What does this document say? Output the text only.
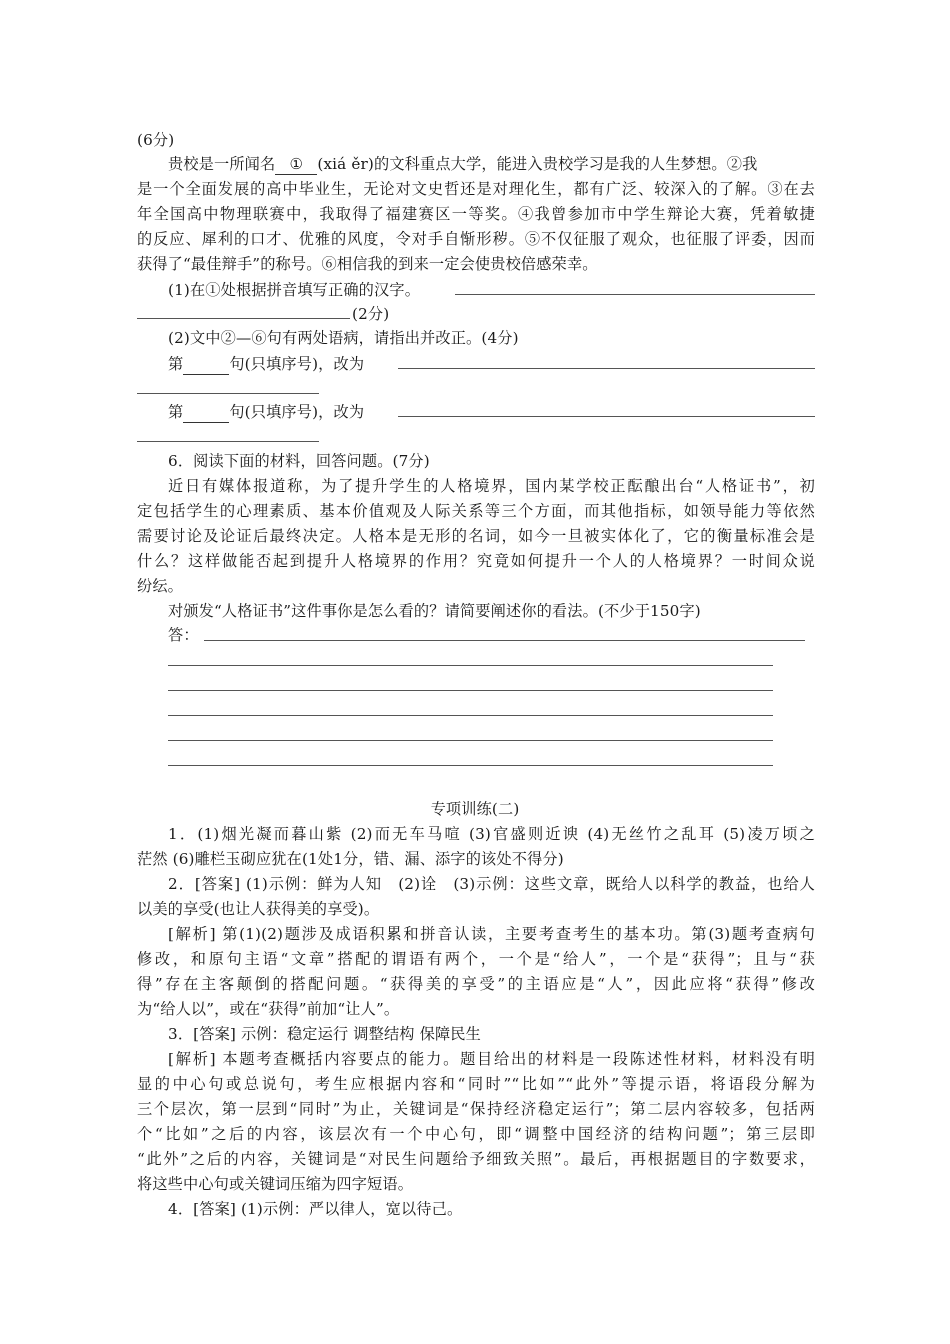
(6分)
贵校是一所闻名 ① (xiá ěr)的文科重点大学，能进入贵校学习是我的人生梦想。②我
是一个全面发展的高中毕业生，无论对文史哲还是对理化生，都有广泛、较深入的了解。③在去
年全国高中物理联赛中，我取得了福建赛区一等奖。④我曾参加市中学生辩论大赛，凭着敏捷
的反应、犀利的口才、优雅的风度，令对手自惭形秽。⑤不仅征服了观众，也征服了评委，因而
获得了“最佳辩手”的称号。⑥相信我的到来一定会使贵校倍感荣幸。
(1)在①处根据拼音填写正确的汉字。
(2分)
(2)文中②—⑥句有两处语病，请指出并改正。(4分)
第	句(只填序号)，改为
第	句(只填序号)，改为
6．阅读下面的材料，回答问题。(7分)
近日有媒体报道称，为了提升学生的人格境界，国内某学校正酝酿出台“人格证书”，初
定包括学生的心理素质、基本价值观及人际关系等三个方面，而其他指标，如领导能力等依然
需要讨论及论证后最终决定。人格本是无形的名词，如今一旦被实体化了，它的衡量标准会是
什么？这样做能否起到提升人格境界的作用？究竟如何提升一个人的人格境界？一时间众说
纷纭。
对颁发“人格证书”这件事你是怎么看的？请简要阐述你的看法。(不少于150字)
答：
专项训练(二)
1．(1)烟光凝而暮山紫 (2)而无车马喧 (3)官盛则近谀 (4)无丝竹之乱耳 (5)凌万顷之
茫然 (6)雕栏玉砌应犹在(1处1分，错、漏、添字的该处不得分)
2．[答案] (1)示例：鲜为人知　(2)诠　(3)示例：这些文章，既给人以科学的教益，也给人
以美的享受(也让人获得美的享受)。
[解析] 第(1)(2)题涉及成语积累和拼音认读，主要考查考生的基本功。第(3)题考查病句
修改，和原句主语“文章”搭配的谓语有两个，一个是“给人”，一个是“获得”；且与“获
得”存在主客颠倒的搭配问题。“获得美的享受”的主语应是“人”，因此应将“获得”修改
为“给人以”，或在“获得”前加“让人”。
3．[答案] 示例：稳定运行 调整结构 保障民生
[解析] 本题考查概括内容要点的能力。题目给出的材料是一段陈述性材料，材料没有明
显的中心句或总说句，考生应根据内容和“同时”“比如”“此外”等提示语，将语段分解为
三个层次，第一层到“同时”为止，关键词是“保持经济稳定运行”；第二层内容较多，包括两
个“比如”之后的内容，该层次有一个中心句，即“调整中国经济的结构问题”；第三层即
“此外”之后的内容，关键词是“对民生问题给予细致关照”。最后，再根据题目的字数要求，
将这些中心句或关键词压缩为四字短语。
4．[答案] (1)示例：严以律人，宽以待己。
